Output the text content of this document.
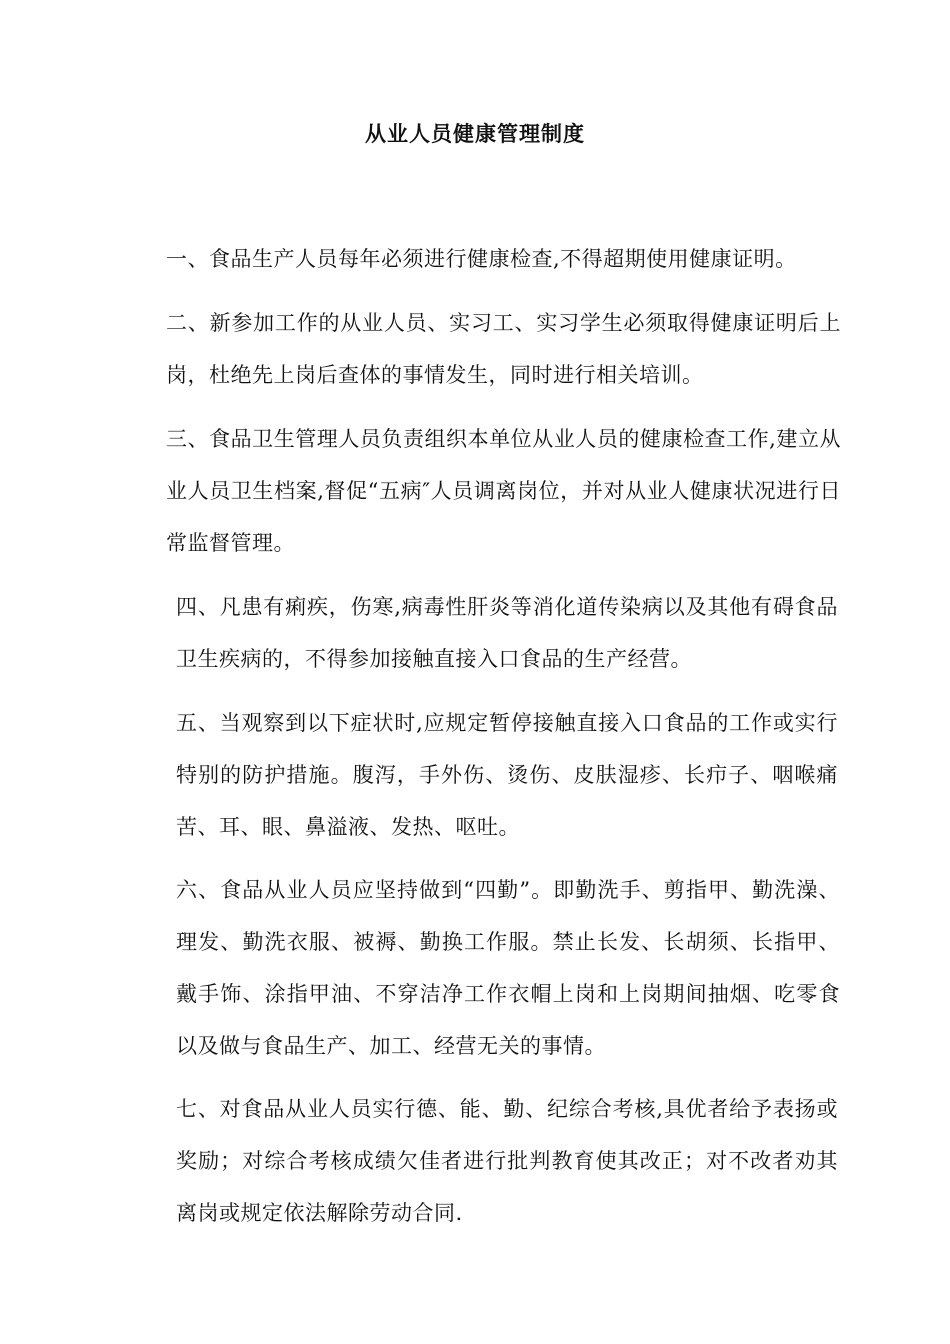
从业人员健康管理制度
一、食品生产人员每年必须进行健康检查,不得超期使用健康证明。
二、新参加工作的从业人员、实习工、实习学生必须取得健康证明后上岗，杜绝先上岗后查体的事情发生，同时进行相关培训。
三、食品卫生管理人员负责组织本单位从业人员的健康检查工作,建立从业人员卫生档案,督促“五病″人员调离岗位，并对从业人健康状况进行日常监督管理。
四、凡患有痢疾，伤寒,病毒性肝炎等消化道传染病以及其他有碍食品卫生疾病的，不得参加接触直接入口食品的生产经营。
五、当观察到以下症状时,应规定暂停接触直接入口食品的工作或实行特别的防护措施。腹泻，手外伤、烫伤、皮肤湿疹、长疖子、咽喉痛苦、耳、眼、鼻溢液、发热、呕吐。
六、食品从业人员应坚持做到“四勤”。即勤洗手、剪指甲、勤洗澡、理发、勤洗衣服、被褥、勤换工作服。禁止长发、长胡须、长指甲、戴手饰、涂指甲油、不穿洁净工作衣帽上岗和上岗期间抽烟、吃零食以及做与食品生产、加工、经营无关的事情。
七、对食品从业人员实行德、能、勤、纪综合考核,具优者给予表扬或奖励；对综合考核成绩欠佳者进行批判教育使其改正；对不改者劝其离岗或规定依法解除劳动合同.
